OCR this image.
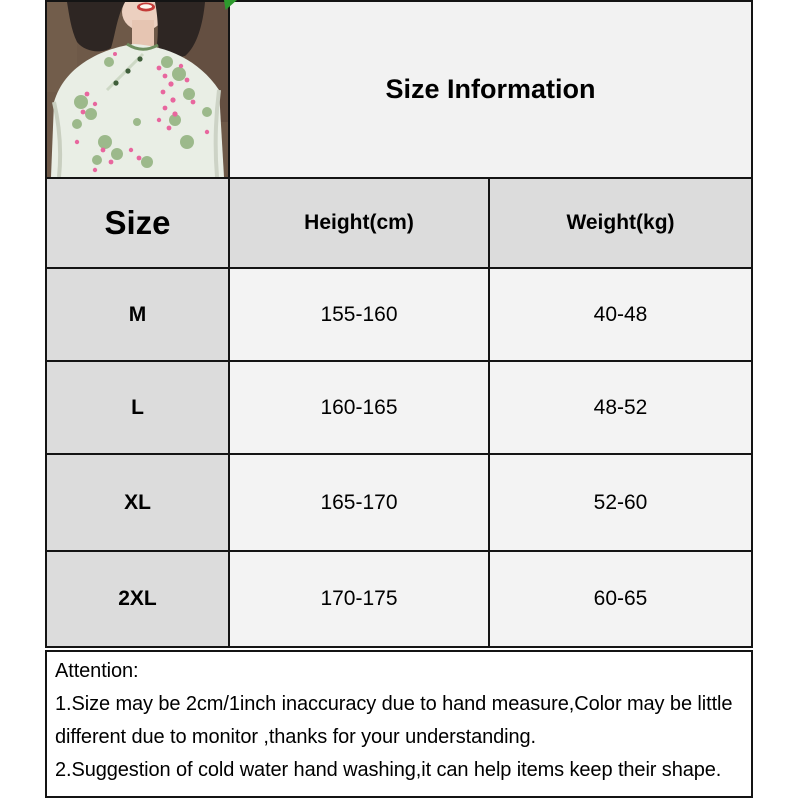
Size Information
Size	Height(cm)	Weight(kg)
M	155-160	40-48
L	160-165	48-52
XL	165-170	52-60
2XL	170-175	60-65

Attention:

1.Size may be 2cm/1inch inaccuracy due to hand measure,Color may be little different due to monitor ,thanks for your understanding.

2.Suggestion of cold water hand washing,it can help items keep their shape.
